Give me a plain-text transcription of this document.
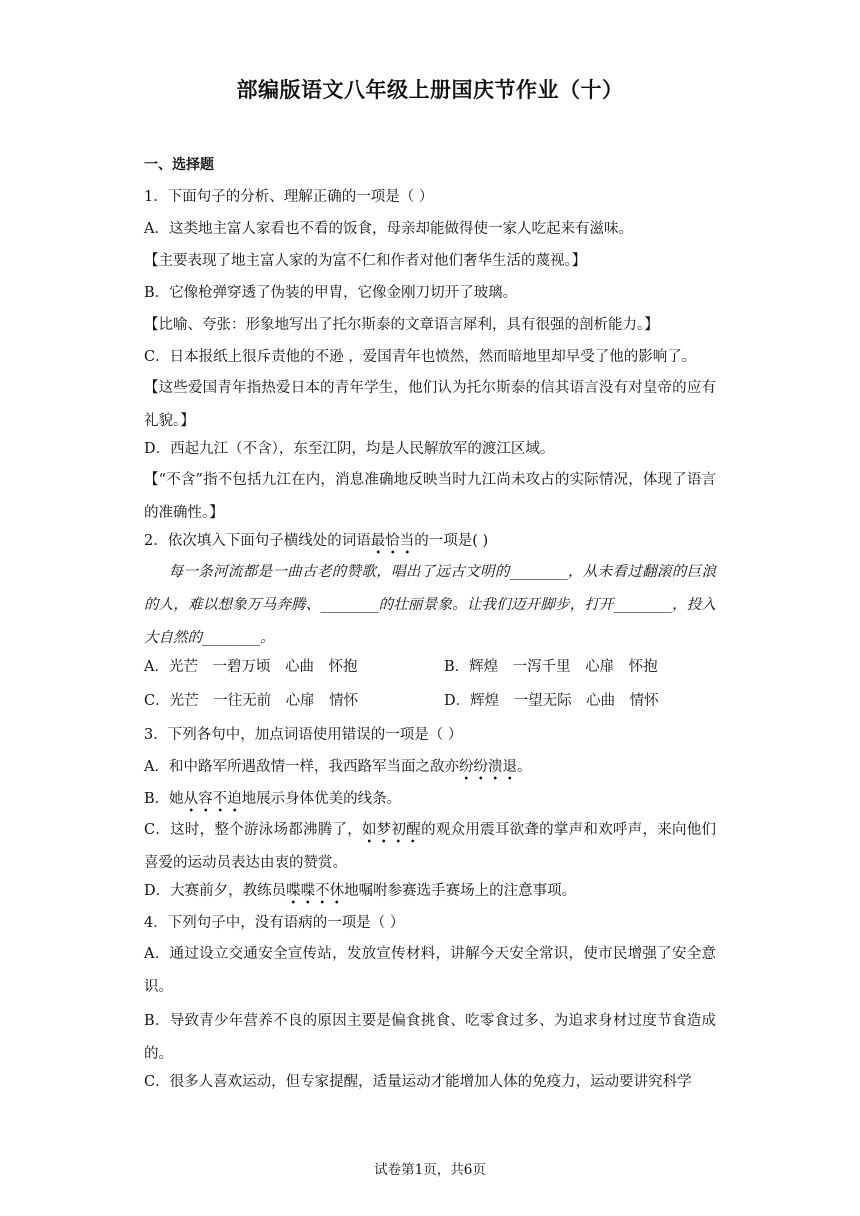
部编版语文八年级上册国庆节作业（十）
一、选择题
1．下面句子的分析、理解正确的一项是（ ）
A．这类地主富人家看也不看的饭食，母亲却能做得使一家人吃起来有滋味。
【主要表现了地主富人家的为富不仁和作者对他们奢华生活的蔑视。】
B．它像枪弹穿透了伪装的甲胄，它像金刚刀切开了玻璃。
【比喻、夸张：形象地写出了托尔斯泰的文章语言犀利，具有很强的剖析能力。】
C．日本报纸上很斥责他的不逊 ，爱国青年也愤然，然而暗地里却早受了他的影响了。
【这些爱国青年指热爱日本的青年学生，他们认为托尔斯泰的信其语言没有对皇帝的应有礼貌。】
D．西起九江（不含），东至江阴，均是人民解放军的渡江区域。
【“不含”指不包括九江在内，消息准确地反映当时九江尚未攻占的实际情况，体现了语言的准确性。】
2．依次填入下面句子横线处的词语最恰当的一项是( )
每一条河流都是一曲古老的赞歌，唱出了远古文明的________，从未看过翻滚的巨浪的人，难以想象万马奔腾、________的壮丽景象。让我们迈开脚步，打开________，投入大自然的________。
A．光芒　一碧万顷　心曲　怀抱	B．辉煌　一泻千里　心扉　怀抱
C．光芒　一往无前　心扉　情怀	D．辉煌　一望无际　心曲　情怀
3．下列各句中，加点词语使用错误的一项是（ ）
A．和中路军所遇敌情一样，我西路军当面之敌亦纷纷溃退。
B．她从容不迫地展示身体优美的线条。
C．这时，整个游泳场都沸腾了，如梦初醒的观众用震耳欲聋的掌声和欢呼声，来向他们喜爱的运动员表达由衷的赞赏。
D．大赛前夕，教练员喋喋不休地嘱咐参赛选手赛场上的注意事项。
4．下列句子中，没有语病的一项是（ ）
A．通过设立交通安全宣传站，发放宣传材料，讲解今天安全常识，使市民增强了安全意识。
B．导致青少年营养不良的原因主要是偏食挑食、吃零食过多、为追求身材过度节食造成的。
C．很多人喜欢运动，但专家提醒，适量运动才能增加人体的免疫力，运动要讲究科学
试卷第1页，共6页
